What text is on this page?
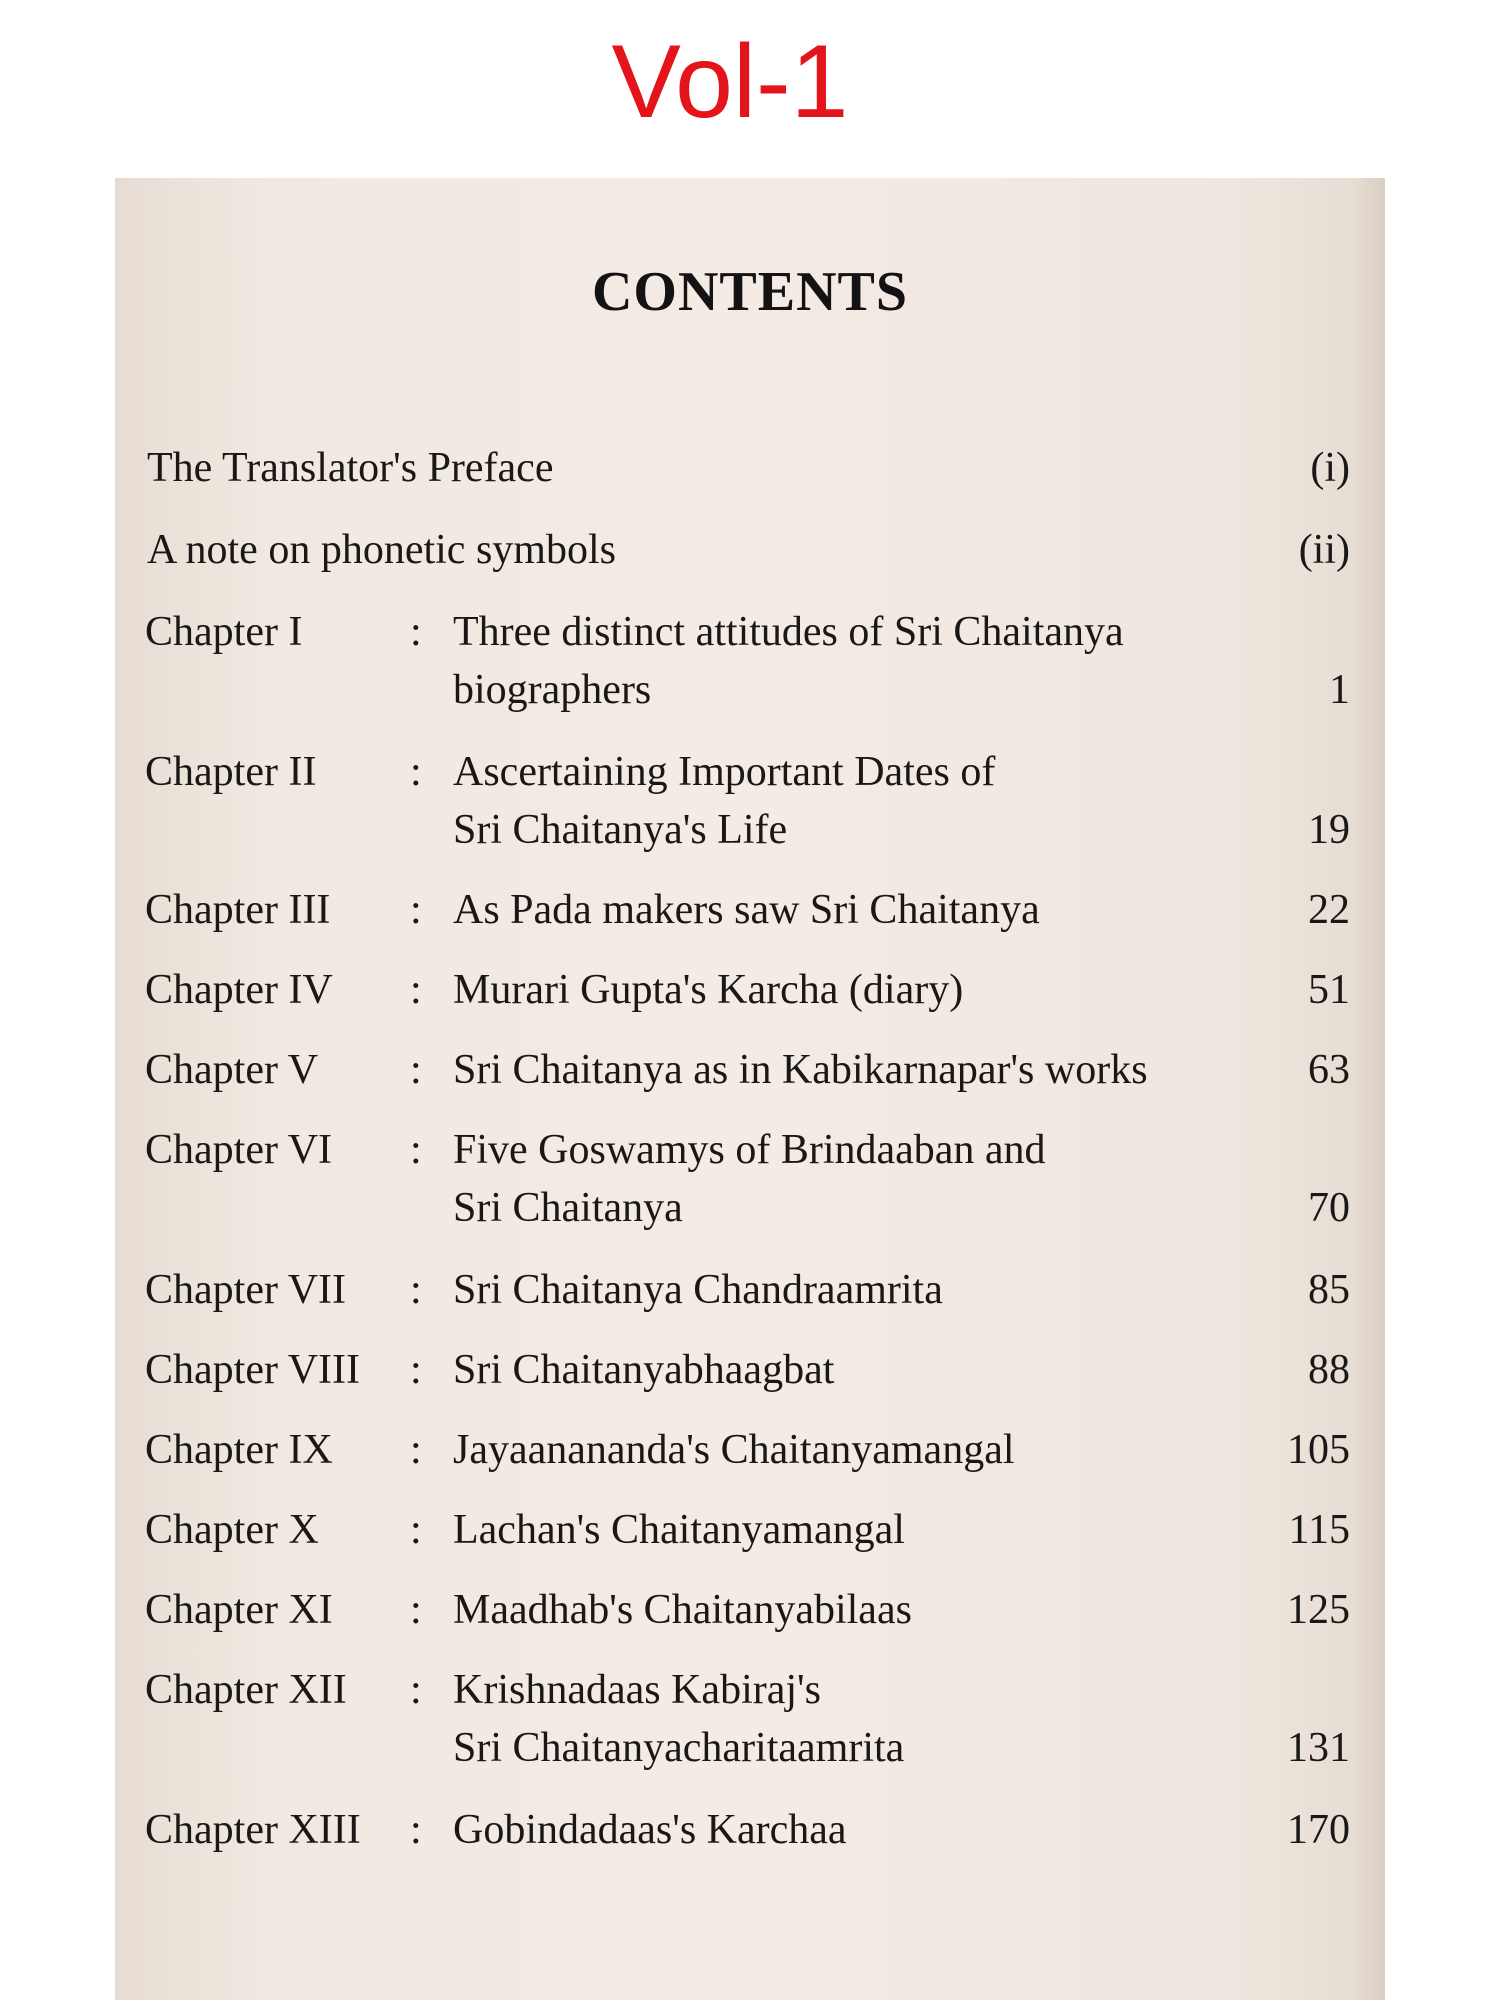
Vol-1
CONTENTS
The Translator's Preface	(i)
A note on phonetic symbols	(ii)
Chapter I	: Three distinct attitudes of Sri Chaitanya
biographers	1
Chapter II : Ascertaining Important Dates of
Sri Chaitanya's Life	19
Chapter III : As Pada makers saw Sri Chaitanya	22
Chapter IV : Murari Gupta's Karcha (diary)	51
Chapter V : Sri Chaitanya as in Kabikarnapar's works	63
Chapter VI : Five Goswamys of Brindaaban and
Sri Chaitanya	70
Chapter VII : Sri Chaitanya Chandraamrita	85
Chapter VIII : Sri Chaitanyabhaagbat	88
Chapter IX : Jayaanananda's Chaitanyamangal	105
Chapter X : Lachan's Chaitanyamangal	115
Chapter XI : Maadhab's Chaitanyabilaas	125
Chapter XII : Krishnadaas Kabiraj's
Sri Chaitanyacharitaamrita	131
Chapter XIII : Gobindadaas's Karchaa	170
